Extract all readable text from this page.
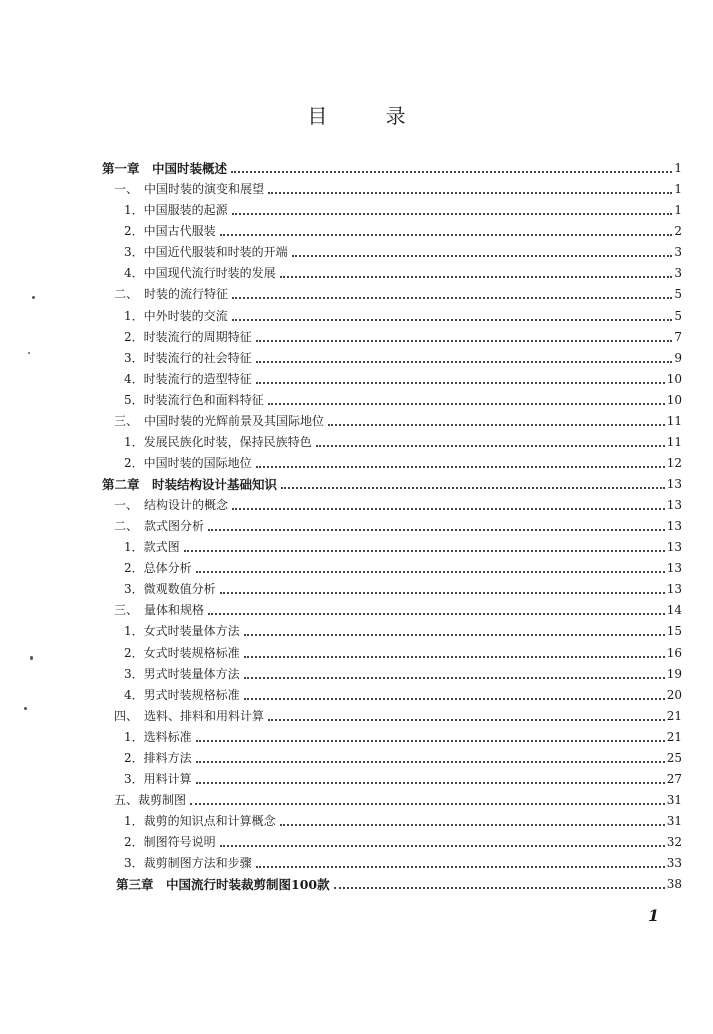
目	录
第一章　中国时装概述	1
一、　中国时装的演变和展望	1
1．中国服装的起源	1
2．中国古代服装	2
3．中国近代服装和时装的开端	3
4．中国现代流行时装的发展	3
二、　时装的流行特征	5
1．中外时装的交流	5
2．时装流行的周期特征	7
3．时装流行的社会特征	9
4．时装流行的造型特征	10
5．时装流行色和面料特征	10
三、　中国时装的光辉前景及其国际地位	11
1．发展民族化时装，保持民族特色	11
2．中国时装的国际地位	12
第二章　时装结构设计基础知识	13
一、　结构设计的概念	13
二、　款式图分析	13
1．款式图	13
2．总体分析	13
3．微观数值分析	13
三、　量体和规格	14
1．女式时装量体方法	15
2．女式时装规格标准	16
3．男式时装量体方法	19
4．男式时装规格标准	20
四、　选料、排料和用料计算	21
1．选料标准	21
2．排料方法	25
3．用料计算	27
五、裁剪制图	31
1．裁剪的知识点和计算概念	31
2．制图符号说明	32
3．裁剪制图方法和步骤	33
第三章　中国流行时装裁剪制图100款	38
1
